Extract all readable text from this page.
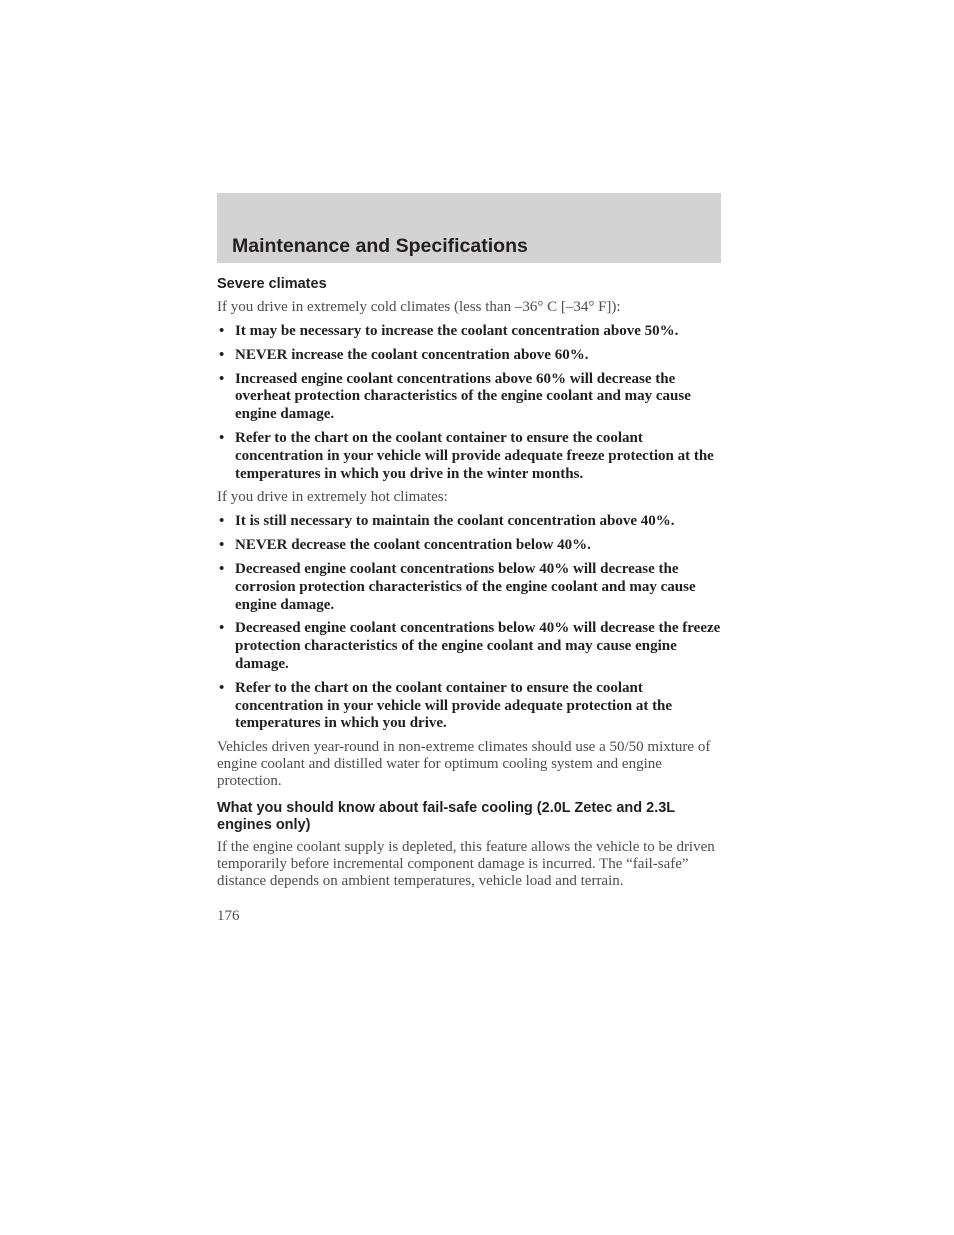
Maintenance and Specifications
Severe climates
If you drive in extremely cold climates (less than –36° C [–34° F]):
• It may be necessary to increase the coolant concentration above 50%.
• NEVER increase the coolant concentration above 60%.
• Increased engine coolant concentrations above 60% will decrease the overheat protection characteristics of the engine coolant and may cause engine damage.
• Refer to the chart on the coolant container to ensure the coolant concentration in your vehicle will provide adequate freeze protection at the temperatures in which you drive in the winter months.
If you drive in extremely hot climates:
• It is still necessary to maintain the coolant concentration above 40%.
• NEVER decrease the coolant concentration below 40%.
• Decreased engine coolant concentrations below 40% will decrease the corrosion protection characteristics of the engine coolant and may cause engine damage.
• Decreased engine coolant concentrations below 40% will decrease the freeze protection characteristics of the engine coolant and may cause engine damage.
• Refer to the chart on the coolant container to ensure the coolant concentration in your vehicle will provide adequate protection at the temperatures in which you drive.
Vehicles driven year-round in non-extreme climates should use a 50/50 mixture of engine coolant and distilled water for optimum cooling system and engine protection.
What you should know about fail-safe cooling (2.0L Zetec and 2.3L engines only)
If the engine coolant supply is depleted, this feature allows the vehicle to be driven temporarily before incremental component damage is incurred. The “fail-safe” distance depends on ambient temperatures, vehicle load and terrain.
176
